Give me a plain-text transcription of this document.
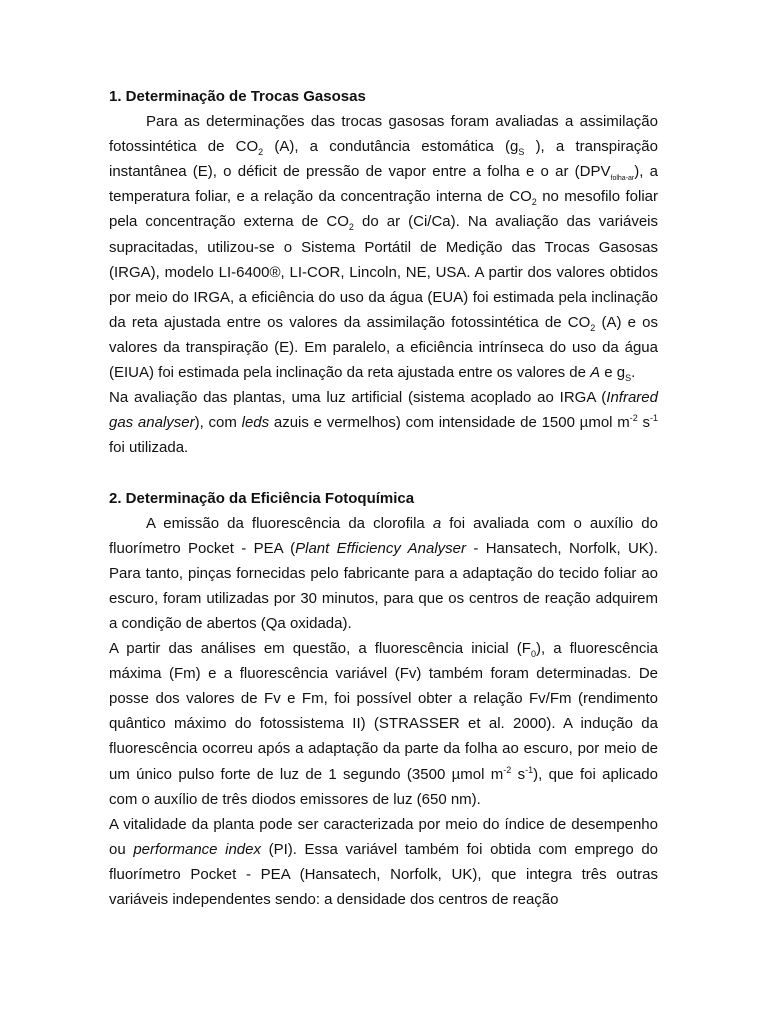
1. Determinação de Trocas Gasosas

Para as determinações das trocas gasosas foram avaliadas a assimilação fotossintética de $CO_2$ (A), a condutância estomática ($g_S$ ), a transpiração instantânea (E), o déficit de pressão de vapor entre a folha e o ar $(DPV_{folha-ar})$, a temperatura foliar, e a relação da concentração interna de $CO_2$ no mesofilo foliar pela concentração externa de $CO_2$ do ar (Ci/Ca). Na avaliação das variáveis supracitadas, utilizou-se o Sistema Portátil de Medição das Trocas Gasosas (IRGA), modelo LI-6400®, LI-COR, Lincoln, NE, USA. A partir dos valores obtidos por meio do IRGA, a eficiência do uso da água (EUA) foi estimada pela inclinação da reta ajustada entre os valores da assimilação fotossintética de $CO_2$ (A) e os valores da transpiração (E). Em paralelo, a eficiência intrínseca do uso da água (EIUA) foi estimada pela inclinação da reta ajustada entre os valores de A e $g_S$.

Na avaliação das plantas, uma luz artificial (sistema acoplado ao IRGA (Infrared gas analyser), com leds azuis e vermelhos) com intensidade de 1500 µmol $m^{-2}$ $s^{-1}$ foi utilizada.

2. Determinação da Eficiência Fotoquímica

A emissão da fluorescência da clorofila a foi avaliada com o auxílio do fluorímetro Pocket - PEA (Plant Efficiency Analyser - Hansatech, Norfolk, UK). Para tanto, pinças fornecidas pelo fabricante para a adaptação do tecido foliar ao escuro, foram utilizadas por 30 minutos, para que os centros de reação adquirem a condição de abertos (Qa oxidada).

A partir das análises em questão, a fluorescência inicial $(F_0)$, a fluorescência máxima (Fm) e a fluorescência variável (Fv) também foram determinadas. De posse dos valores de Fv e Fm, foi possível obter a relação Fv/Fm (rendimento quântico máximo do fotossistema II) (STRASSER et al. 2000). A indução da fluorescência ocorreu após a adaptação da parte da folha ao escuro, por meio de um único pulso forte de luz de 1 segundo (3500 µmol $m^{-2}$ $s^{-1}$), que foi aplicado com o auxílio de três diodos emissores de luz (650 nm).

A vitalidade da planta pode ser caracterizada por meio do índice de desempenho ou performance index (PI). Essa variável também foi obtida com emprego do fluorímetro Pocket - PEA (Hansatech, Norfolk, UK), que integra três outras variáveis independentes sendo: a densidade dos centros de reação
